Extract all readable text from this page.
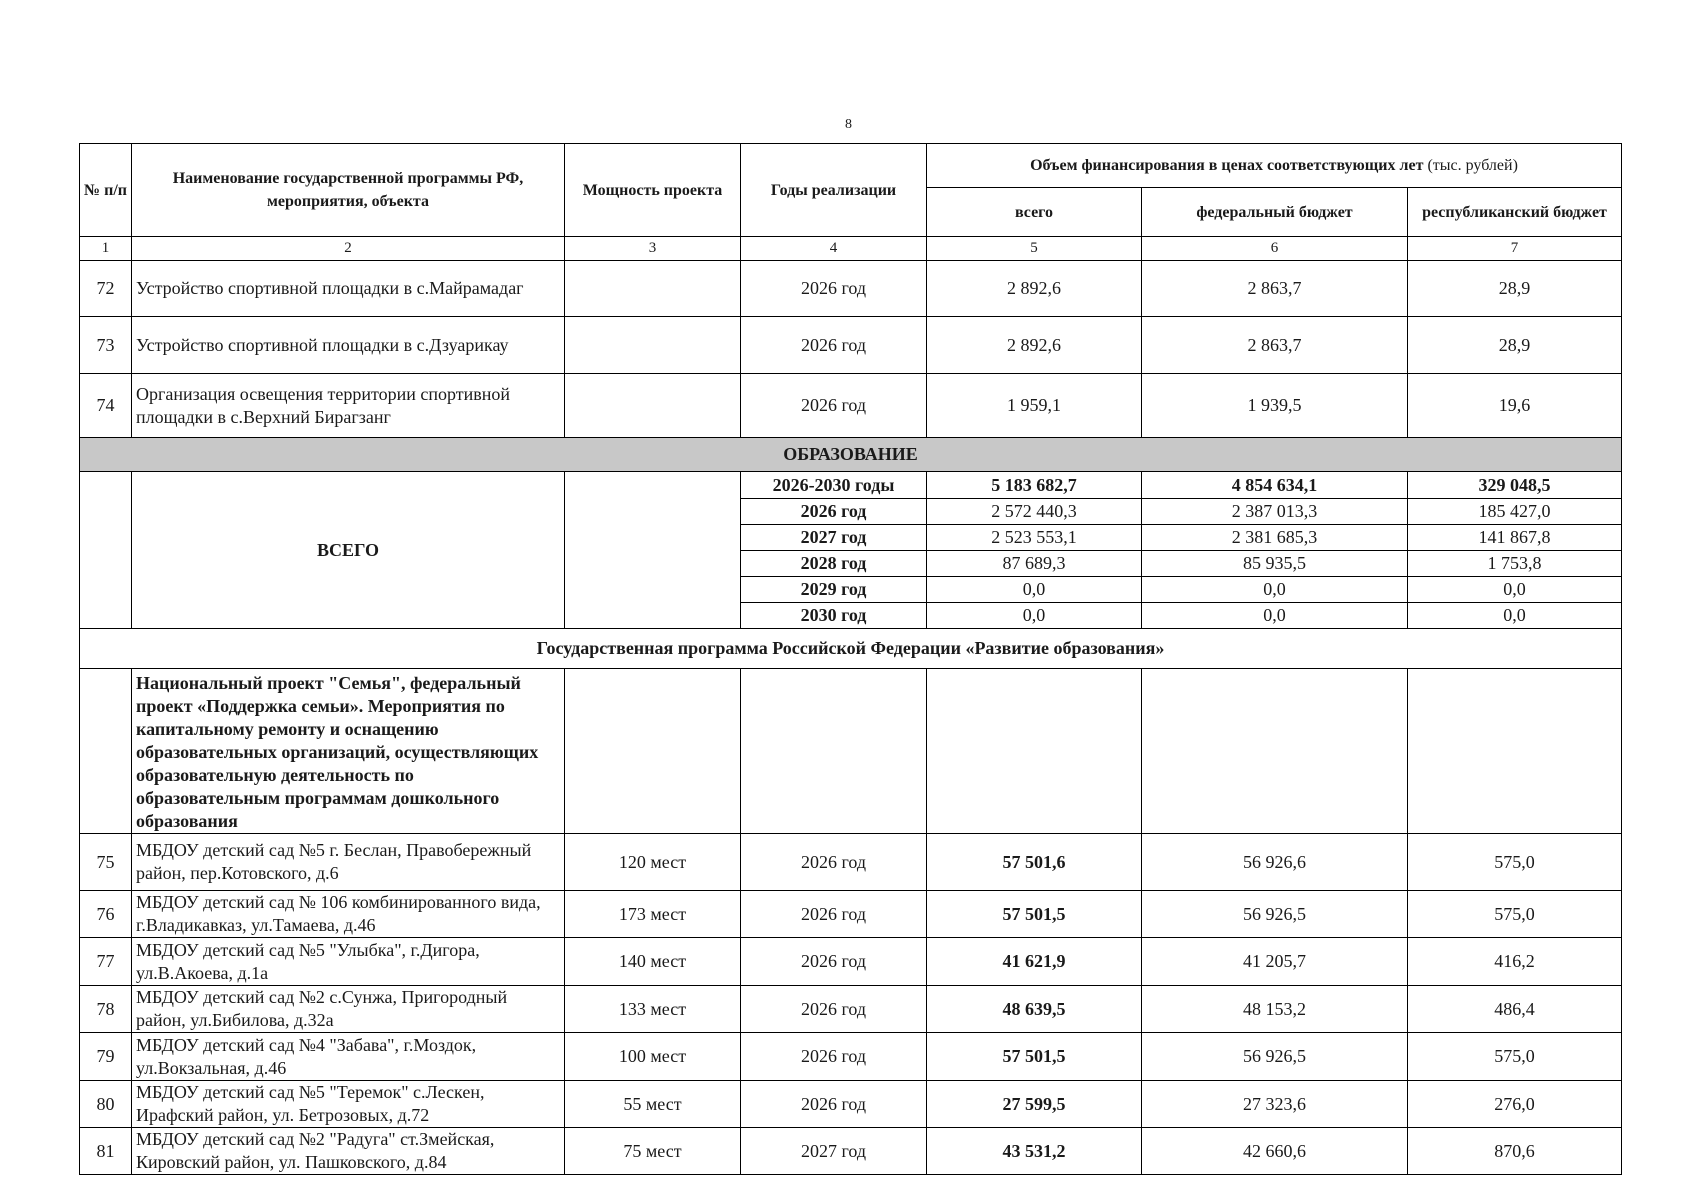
8
№ п/п	Наименование государственной программы РФ, мероприятия, объекта	Мощность проекта	Годы реализации	Объем финансирования в ценах соответствующих лет (тыс. рублей)		
				всего	федеральный бюджет	республиканский бюджет
1	2	3	4	5	6	7
72	Устройство спортивной площадки в с.Майрамадаг		2026 год	2 892,6	2 863,7	28,9
73	Устройство спортивной площадки в с.Дзуарикау		2026 год	2 892,6	2 863,7	28,9
74	Организация освещения территории спортивной площадки в с.Верхний Бирагзанг		2026 год	1 959,1	1 939,5	19,6
ОБРАЗОВАНИЕ						
	ВСЕГО		2026-2030 годы	5 183 682,7	4 854 634,1	329 048,5
			2026 год	2 572 440,3	2 387 013,3	185 427,0
			2027 год	2 523 553,1	2 381 685,3	141 867,8
			2028 год	87 689,3	85 935,5	1 753,8
			2029 год	0,0	0,0	0,0
			2030 год	0,0	0,0	0,0
Государственная программа Российской Федерации «Развитие образования»						
	Национальный проект "Семья", федеральный проект «Поддержка семьи». Мероприятия по капитальному ремонту и оснащению образовательных организаций, осуществляющих образовательную деятельность по образовательным программам дошкольного образования					
75	МБДОУ детский сад №5 г. Беслан, Правобережный район, пер.Котовского, д.6	120 мест	2026 год	57 501,6	56 926,6	575,0
76	МБДОУ детский сад № 106 комбинированного вида, г.Владикавказ, ул.Тамаева, д.46	173 мест	2026 год	57 501,5	56 926,5	575,0
77	МБДОУ детский сад №5 "Улыбка", г.Дигора, ул.В.Акоева, д.1а	140 мест	2026 год	41 621,9	41 205,7	416,2
78	МБДОУ детский сад №2 с.Сунжа, Пригородный район, ул.Бибилова, д.32а	133 мест	2026 год	48 639,5	48 153,2	486,4
79	МБДОУ детский сад №4 "Забава", г.Моздок, ул.Вокзальная, д.46	100 мест	2026 год	57 501,5	56 926,5	575,0
80	МБДОУ детский сад №5 "Теремок" с.Лескен, Ирафский район, ул. Бетрозовых, д.72	55 мест	2026 год	27 599,5	27 323,6	276,0
81	МБДОУ детский сад №2 "Радуга" ст.Змейская, Кировский район, ул. Пашковского, д.84	75 мест	2027 год	43 531,2	42 660,6	870,6
